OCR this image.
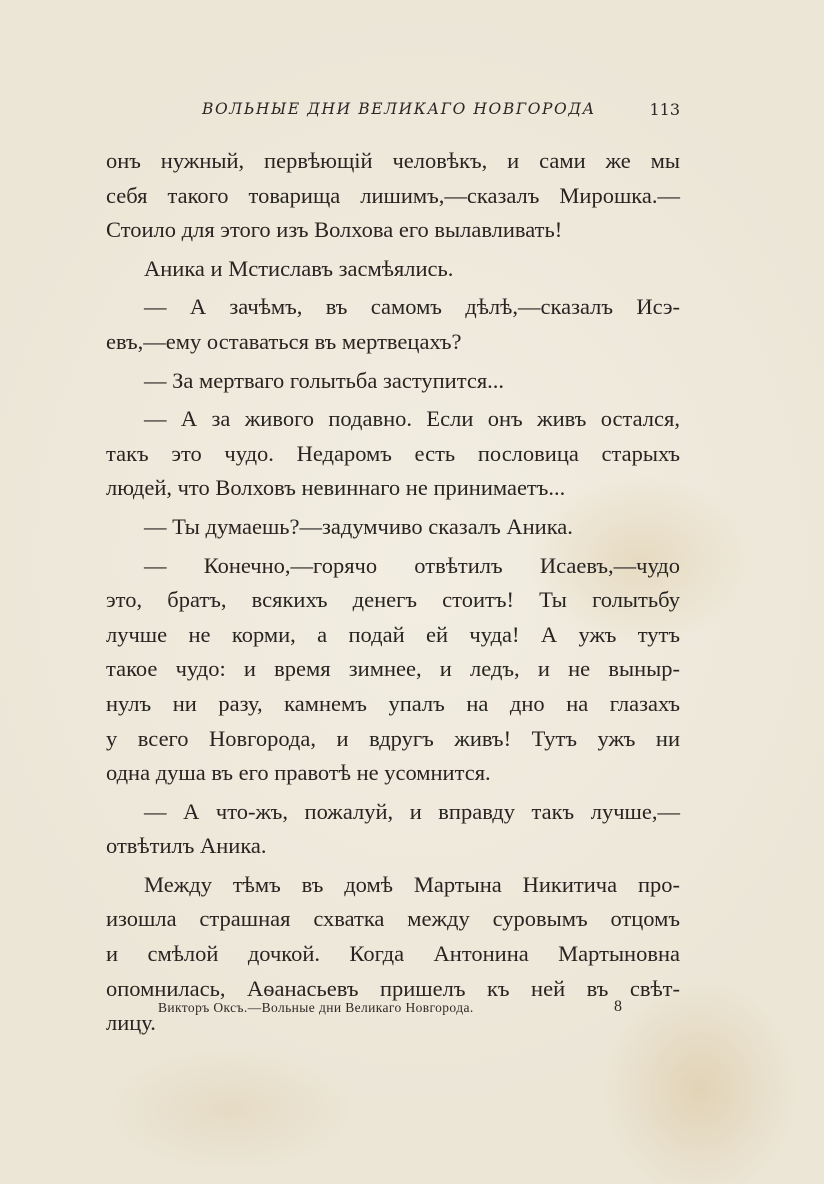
ВОЛЬНЫЕ ДНИ ВЕЛИКАГО НОВГОРОДА	113
онъ нужный, первѣющій человѣкъ, и сами же мы
себя такого товарища лишимъ,—сказалъ Мирошка.—
Стоило для этого изъ Волхова его вылавливать!
Аника и Мстиславъ засмѣялись.
— А зачѣмъ, въ самомъ дѣлѣ,—сказалъ Исэ-
евъ,—ему оставаться въ мертвецахъ?
— За мертваго голытьба заступится...
— А за живого подавно. Если онъ живъ остался,
такъ это чудо. Недаромъ есть пословица старыхъ
людей, что Волховъ невиннаго не принимаетъ...
— Ты думаешь?—задумчиво сказалъ Аника.
— Конечно,—горячо отвѣтилъ Исаевъ,—чудо
это, братъ, всякихъ денегъ стоитъ! Ты голытьбу
лучше не корми, а подай ей чуда! А ужъ тутъ
такое чудо: и время зимнее, и ледъ, и не выныр-
нулъ ни разу, камнемъ упалъ на дно на глазахъ
у всего Новгорода, и вдругъ живъ! Тутъ ужъ ни
одна душа въ его правотѣ не усомнится.
— А что-жъ, пожалуй, и вправду такъ лучше,—
отвѣтилъ Аника.
Между тѣмъ въ домѣ Мартына Никитича про-
изошла страшная схватка между суровымъ отцомъ
и смѣлой дочкой. Когда Антонина Мартыновна
опомнилась, Аѳанасьевъ пришелъ къ ней въ свѣт-
лицу.
Викторъ Оксъ.—Вольные дни Великаго Новгорода.	8
